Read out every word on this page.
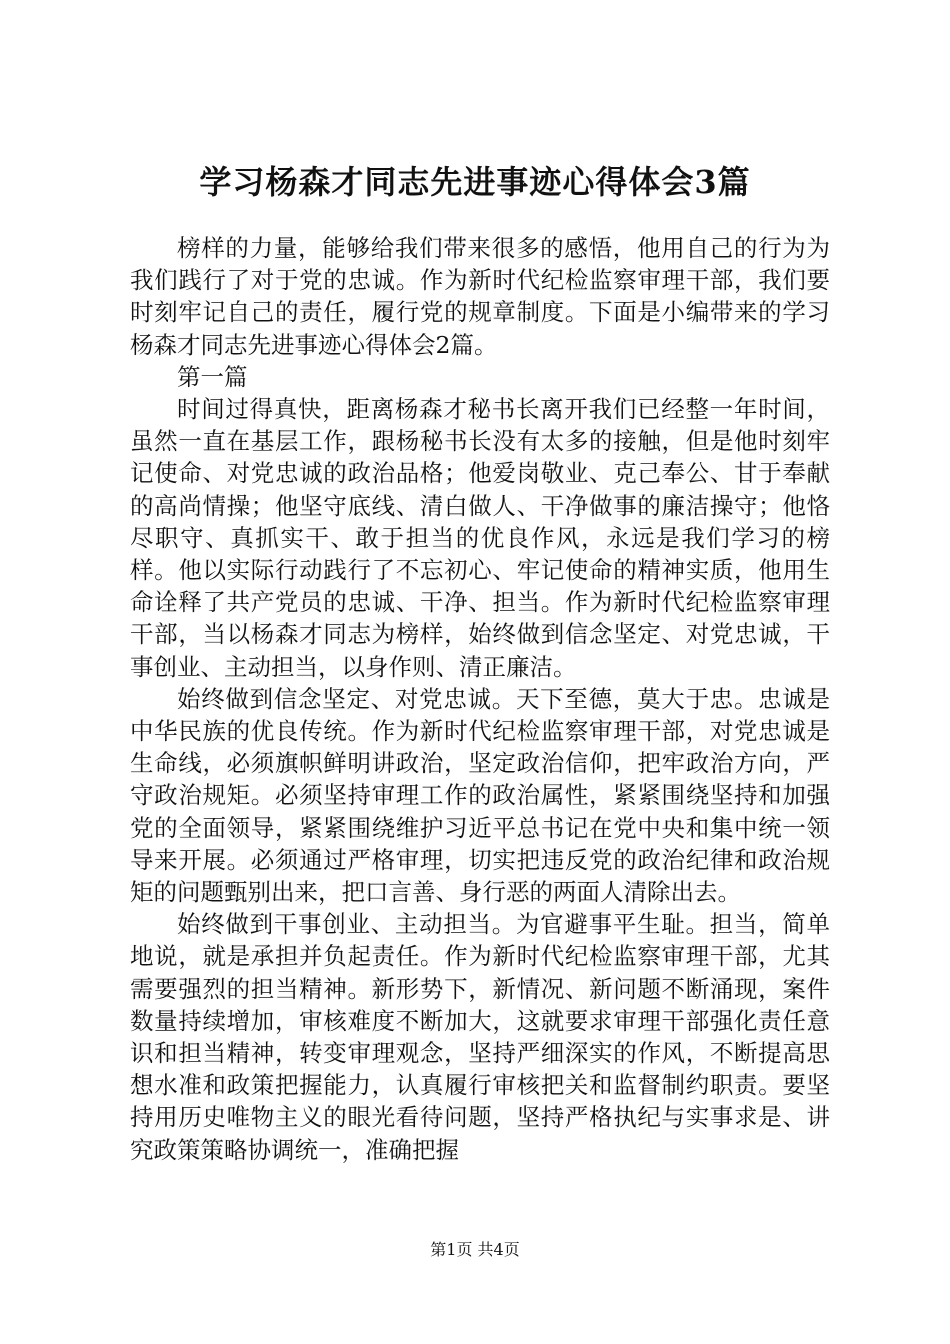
学习杨森才同志先进事迹心得体会3篇

榜样的力量，能够给我们带来很多的感悟，他用自己的行为为我们践行了对于党的忠诚。作为新时代纪检监察审理干部，我们要时刻牢记自己的责任，履行党的规章制度。下面是小编带来的学习杨森才同志先进事迹心得体会2篇。

第一篇

时间过得真快，距离杨森才秘书长离开我们已经整一年时间，虽然一直在基层工作，跟杨秘书长没有太多的接触，但是他时刻牢记使命、对党忠诚的政治品格；他爱岗敬业、克己奉公、甘于奉献的高尚情操；他坚守底线、清白做人、干净做事的廉洁操守；他恪尽职守、真抓实干、敢于担当的优良作风，永远是我们学习的榜样。他以实际行动践行了不忘初心、牢记使命的精神实质，他用生命诠释了共产党员的忠诚、干净、担当。作为新时代纪检监察审理干部，当以杨森才同志为榜样，始终做到信念坚定、对党忠诚，干事创业、主动担当，以身作则、清正廉洁。

始终做到信念坚定、对党忠诚。天下至德，莫大于忠。忠诚是中华民族的优良传统。作为新时代纪检监察审理干部，对党忠诚是生命线，必须旗帜鲜明讲政治，坚定政治信仰，把牢政治方向，严守政治规矩。必须坚持审理工作的政治属性，紧紧围绕坚持和加强党的全面领导，紧紧围绕维护习近平总书记在党中央和集中统一领导来开展。必须通过严格审理，切实把违反党的政治纪律和政治规矩的问题甄别出来，把口言善、身行恶的两面人清除出去。

始终做到干事创业、主动担当。为官避事平生耻。担当，简单地说，就是承担并负起责任。作为新时代纪检监察审理干部，尤其需要强烈的担当精神。新形势下，新情况、新问题不断涌现，案件数量持续增加，审核难度不断加大，这就要求审理干部强化责任意识和担当精神，转变审理观念，坚持严细深实的作风，不断提高思想水准和政策把握能力，认真履行审核把关和监督制约职责。要坚持用历史唯物主义的眼光看待问题，坚持严格执纪与实事求是、讲究政策策略协调统一，准确把握

第1页 共4页
